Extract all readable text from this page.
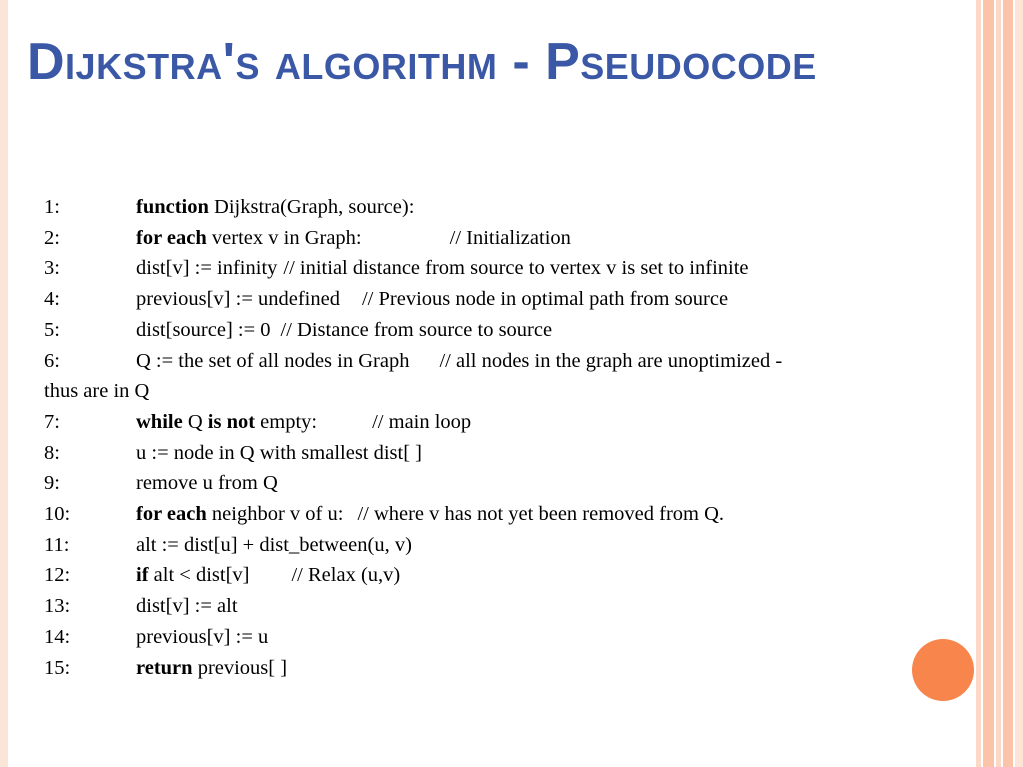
Dijkstra's algorithm - Pseudocode
1:	function Dijkstra(Graph, source):
2:	for each vertex v in Graph:	// Initialization
3:	dist[v] := infinity // initial distance from source to vertex v is set to infinite
4:	previous[v] := undefined // Previous node in optimal path from source
5:	dist[source] := 0 // Distance from source to source
6:	Q := the set of all nodes in Graph // all nodes in the graph are unoptimized -
thus are in Q
7:	while Q is not empty:	// main loop
8:	u := node in Q with smallest dist[ ]
9:	remove u from Q
10:	for each neighbor v of u: // where v has not yet been removed from Q.
11:	alt := dist[u] + dist_between(u, v)
12:	if alt < dist[v] // Relax (u,v)
13:	dist[v] := alt
14:	previous[v] := u
15:	return previous[ ]
